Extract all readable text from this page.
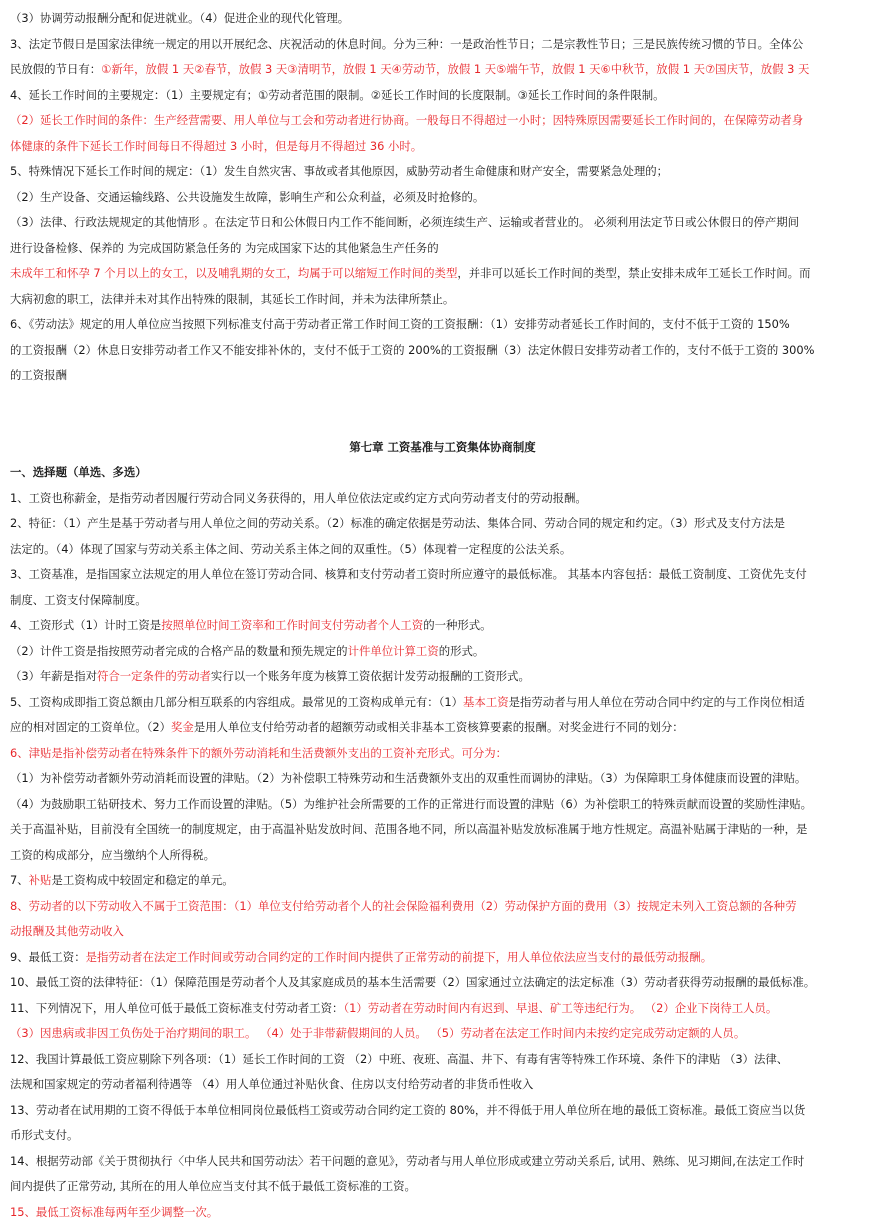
（3）协调劳动报酬分配和促进就业。（4）促进企业的现代化管理。
3、法定节假日是国家法律统一规定的用以开展纪念、庆祝活动的休息时间。分为三种：一是政治性节日；二是宗教性节日；三是民族传统习惯的节日。全体公
民放假的节日有：①新年，放假 1 天②春节，放假 3 天③清明节，放假 1 天④劳动节，放假 1 天⑤端午节，放假 1 天⑥中秋节，放假 1 天⑦国庆节，放假 3 天
4、延长工作时间的主要规定：（1）主要规定有；①劳动者范围的限制。②延长工作时间的长度限制。③延长工作时间的条件限制。
（2）延长工作时间的条件：生产经营需要、用人单位与工会和劳动者进行协商。一般每日不得超过一小时；因特殊原因需要延长工作时间的，在保障劳动者身
体健康的条件下延长工作时间每日不得超过 3 小时，但是每月不得超过 36 小时。
5、特殊情况下延长工作时间的规定：（1）发生自然灾害、事故或者其他原因，威胁劳动者生命健康和财产安全，需要紧急处理的；
（2）生产设备、交通运输线路、公共设施发生故障，影响生产和公众利益，必须及时抢修的。
（3）法律、行政法规规定的其他情形 。在法定节日和公休假日内工作不能间断，必须连续生产、运输或者营业的。 必须利用法定节日或公休假日的停产期间
进行设备检修、保养的 为完成国防紧急任务的 为完成国家下达的其他紧急生产任务的
未成年工和怀孕 7 个月以上的女工，以及哺乳期的女工，均属于可以缩短工作时间的类型，并非可以延长工作时间的类型，禁止安排未成年工延长工作时间。而
大病初愈的职工，法律并未对其作出特殊的限制，其延长工作时间，并未为法律所禁止。
6、《劳动法》规定的用人单位应当按照下列标准支付高于劳动者正常工作时间工资的工资报酬：（1）安排劳动者延长工作时间的，支付不低于工资的 150%
的工资报酬（2）休息日安排劳动者工作又不能安排补休的，支付不低于工资的 200%的工资报酬（3）法定休假日安排劳动者工作的，支付不低于工资的 300%
的工资报酬
第七章 工资基准与工资集体协商制度
一、选择题（单选、多选）
1、工资也称薪金，是指劳动者因履行劳动合同义务获得的，用人单位依法定或约定方式向劳动者支付的劳动报酬。
2、特征：（1）产生是基于劳动者与用人单位之间的劳动关系。（2）标准的确定依据是劳动法、集体合同、劳动合同的规定和约定。（3）形式及支付方法是
法定的。（4）体现了国家与劳动关系主体之间、劳动关系主体之间的双重性。（5）体现着一定程度的公法关系。
3、工资基准，是指国家立法规定的用人单位在签订劳动合同、核算和支付劳动者工资时所应遵守的最低标准。 其基本内容包括：最低工资制度、工资优先支付
制度、工资支付保障制度。
4、工资形式（1）计时工资是按照单位时间工资率和工作时间支付劳动者个人工资的一种形式。
（2）计件工资是指按照劳动者完成的合格产品的数量和预先规定的计件单位计算工资的形式。
（3）年薪是指对符合一定条件的劳动者实行以一个账务年度为核算工资依据计发劳动报酬的工资形式。
5、工资构成即指工资总额由几部分相互联系的内容组成。最常见的工资构成单元有：（1）基本工资是指劳动者与用人单位在劳动合同中约定的与工作岗位相适
应的相对固定的工资单位。（2）奖金是用人单位支付给劳动者的超额劳动或相关非基本工资核算要素的报酬。对奖金进行不同的划分：
6、津贴是指补偿劳动者在特殊条件下的额外劳动消耗和生活费额外支出的工资补充形式。可分为：
（1）为补偿劳动者额外劳动消耗而设置的津贴。（2）为补偿职工特殊劳动和生活费额外支出的双重性而调协的津贴。（3）为保障职工身体健康而设置的津贴。
（4）为鼓励职工钻研技术、努力工作而设置的津贴。（5）为维护社会所需要的工作的正常进行而设置的津贴（6）为补偿职工的特殊贡献而设置的奖励性津贴。
关于高温补贴，目前没有全国统一的制度规定，由于高温补贴发放时间、范围各地不同，所以高温补贴发放标准属于地方性规定。高温补贴属于津贴的一种，是
工资的构成部分，应当缴纳个人所得税。
7、补贴是工资构成中较固定和稳定的单元。
8、劳动者的以下劳动收入不属于工资范围：（1）单位支付给劳动者个人的社会保险福利费用（2）劳动保护方面的费用（3）按规定未列入工资总额的各种劳
动报酬及其他劳动收入
9、最低工资：是指劳动者在法定工作时间或劳动合同约定的工作时间内提供了正常劳动的前提下，用人单位依法应当支付的最低劳动报酬。
10、最低工资的法律特征：（1）保障范围是劳动者个人及其家庭成员的基本生活需要（2）国家通过立法确定的法定标准（3）劳动者获得劳动报酬的最低标准。
11、下列情况下，用人单位可低于最低工资标准支付劳动者工资：（1）劳动者在劳动时间内有迟到、早退、矿工等违纪行为。 （2）企业下岗待工人员。
（3）因患病或非因工负伤处于治疗期间的职工。 （4）处于非带薪假期间的人员。 （5）劳动者在法定工作时间内未按约定完成劳动定额的人员。
12、我国计算最低工资应剔除下列各项：（1）延长工作时间的工资 （2）中班、夜班、高温、井下、有毒有害等特殊工作环境、条件下的津贴 （3）法律、
法规和国家规定的劳动者福利待遇等 （4）用人单位通过补贴伙食、住房以支付给劳动者的非货币性收入
13、劳动者在试用期的工资不得低于本单位相同岗位最低档工资或劳动合同约定工资的 80%，并不得低于用人单位所在地的最低工资标准。最低工资应当以货
币形式支付。
14、根据劳动部《关于贯彻执行〈中华人民共和国劳动法〉若干问题的意见》，劳动者与用人单位形成或建立劳动关系后, 试用、熟练、见习期间,在法定工作时
间内提供了正常劳动, 其所在的用人单位应当支付其不低于最低工资标准的工资。
15、最低工资标准每两年至少调整一次。
